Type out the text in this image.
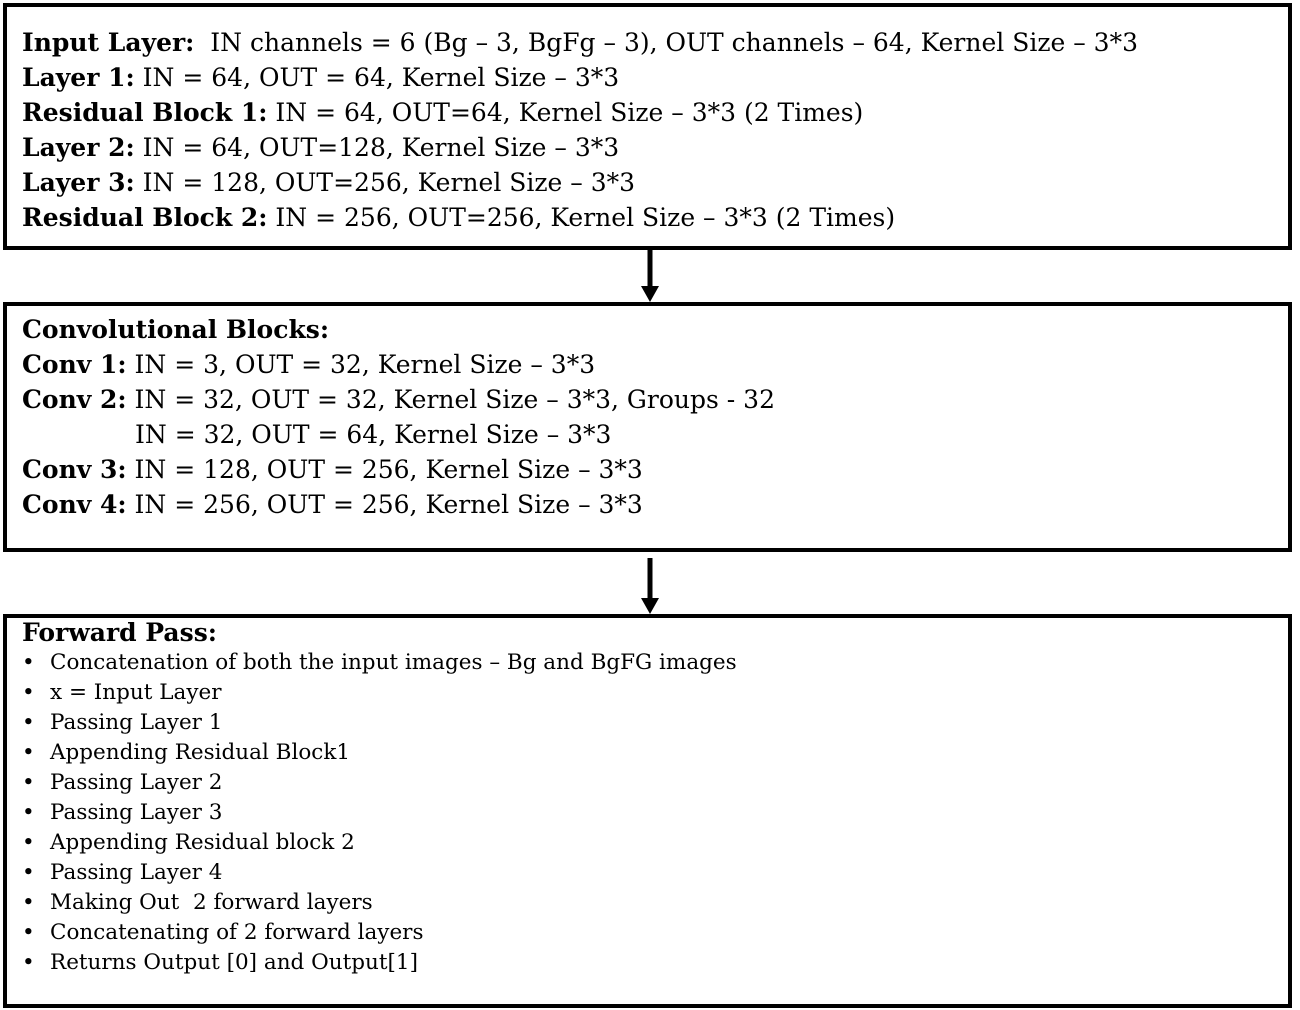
Input Layer:  IN channels = 6 (Bg – 3, BgFg – 3), OUT channels – 64, Kernel Size – 3*3
Layer 1: IN = 64, OUT = 64, Kernel Size – 3*3
Residual Block 1: IN = 64, OUT=64, Kernel Size – 3*3 (2 Times)
Layer 2: IN = 64, OUT=128, Kernel Size – 3*3
Layer 3: IN = 128, OUT=256, Kernel Size – 3*3
Residual Block 2: IN = 256, OUT=256, Kernel Size – 3*3 (2 Times)
Convolutional Blocks:
Conv 1: IN = 3, OUT = 32, Kernel Size – 3*3
Conv 2: IN = 32, OUT = 32, Kernel Size – 3*3, Groups - 32
IN = 32, OUT = 64, Kernel Size – 3*3
Conv 3: IN = 128, OUT = 256, Kernel Size – 3*3
Conv 4: IN = 256, OUT = 256, Kernel Size – 3*3
Forward Pass:
• Concatenation of both the input images – Bg and BgFG images
• x = Input Layer
• Passing Layer 1
• Appending Residual Block1
• Passing Layer 2
• Passing Layer 3
• Appending Residual block 2
• Passing Layer 4
• Making Out  2 forward layers
• Concatenating of 2 forward layers
• Returns Output [0] and Output[1]
